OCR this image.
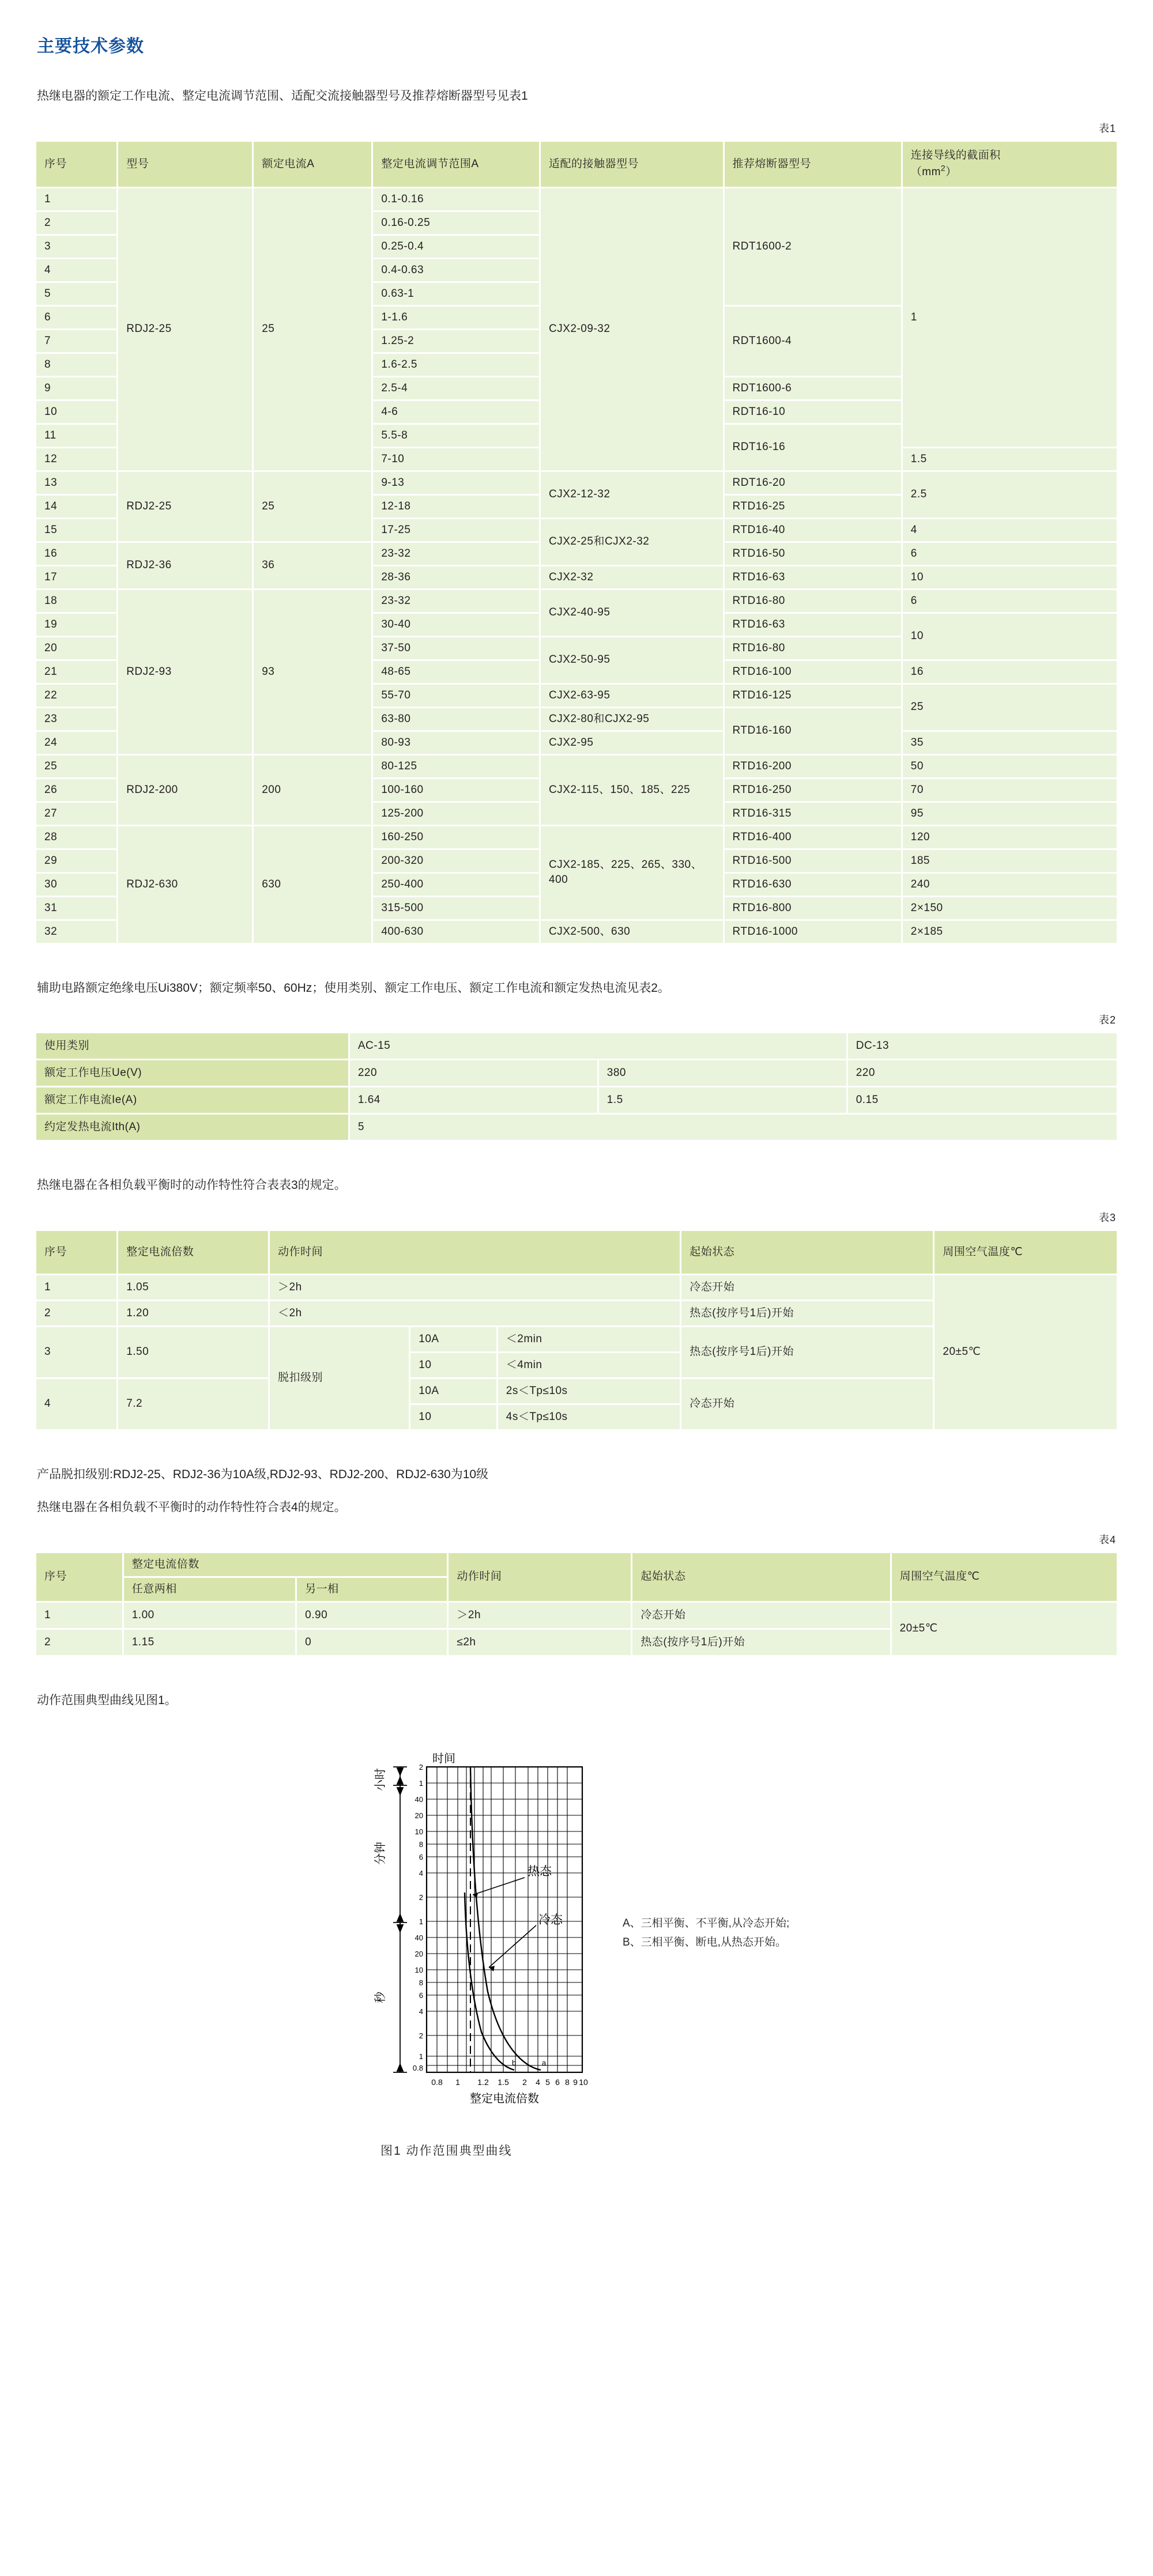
主要技术参数

热继电器的额定工作电流、整定电流调节范围、适配交流接触器型号及推荐熔断器型号见表1

表1
序号	型号	额定电流A	整定电流调节范围A	适配的接触器型号	推荐熔断器型号	连接导线的截面积
$(mm^2)$
1	RDJ2-25	25	0.1-0.16	CJX2-09-32	RDT1600-2	1
2			0.16-0.25			
3			0.25-0.4			
4			0.4-0.63			
5			0.63-1			
6			1-1.6		RDT1600-4	
7			1.25-2			
8			1.6-2.5			
9			2.5-4		RDT1600-6	
10			4-6		RDT16-10	
11			5.5-8		RDT16-16	
12			7-10			1.5
13	RDJ2-25	25	9-13	CJX2-12-32	RDT16-20	2.5
14			12-18		RTD16-25	
15			17-25	CJX2-25和CJX2-32	RTD16-40	4
16	RDJ2-36	36	23-32		RTD16-50	6
17			28-36	CJX2-32	RTD16-63	10
18	RDJ2-93	93	23-32	CJX2-40-95	RTD16-80	6
19			30-40		RTD16-63	10
20			37-50	CJX2-50-95	RTD16-80	
21			48-65		RTD16-100	16
22			55-70	CJX2-63-95	RTD16-125	25
23			63-80	CJX2-80和CJX2-95	RTD16-160	
24			80-93	CJX2-95		35
25	RDJ2-200	200	80-125	CJX2-115、150、185、225	RTD16-200	50
26			100-160		RTD16-250	70
27			125-200		RTD16-315	95
28	RDJ2-630	630	160-250	CJX2-185、225、265、330、400	RTD16-400	120
29			200-320		RTD16-500	185
30			250-400		RTD16-630	240
31			315-500		RTD16-800	2×150
32			400-630	CJX2-500、630	RTD16-1000	2×185

辅助电路额定绝缘电压Ui380V；额定频率50、60Hz；使用类别、额定工作电压、额定工作电流和额定发热电流见表2。

表2
使用类别	AC-15		DC-13
额定工作电压Ue(V)	220	380	220
额定工作电流Ie(A)	1.64	1.5	0.15
约定发热电流Ith(A)	5		

热继电器在各相负载平衡时的动作特性符合表表3的规定。

表3
序号	整定电流倍数	动作时间			起始状态	周围空气温度℃
1	1.05	＞2h			冷态开始	20±5℃
2	1.20	＜2h			热态(按序号1后)开始	
3	1.50	脱扣级别	10A	＜2min	热态(按序号1后)开始	
			10	＜4min		
4	7.2		10A	2s＜Tp≤10s	冷态开始	
			10	4s＜Tp≤10s		

产品脱扣级别:RDJ2-25、RDJ2-36为10A级,RDJ2-93、RDJ2-200、RDJ2-630为10级

热继电器在各相负载不平衡时的动作特性符合表4的规定。

表4
序号	整定电流倍数		动作时间	起始状态	周围空气温度℃
	任意两相	另一相			
1	1.00	0.90	＞2h	冷态开始	20±5℃
2	1.15	0	≤2h	热态(按序号1后)开始	

动作范围典型曲线见图1。

热态
冷态
b	a
2
1
40
20
10
8
6
4
2
1
40
20
10
8
6
4
2
1
0.8
0.8 1 1.2 1.5 2 4 5 6 8 9 10
时间
整定电流倍数
小时
分钟
秒
A、三相平衡、不平衡,从冷态开始;
B、三相平衡、断电,从热态开始。
图1 动作范围典型曲线
